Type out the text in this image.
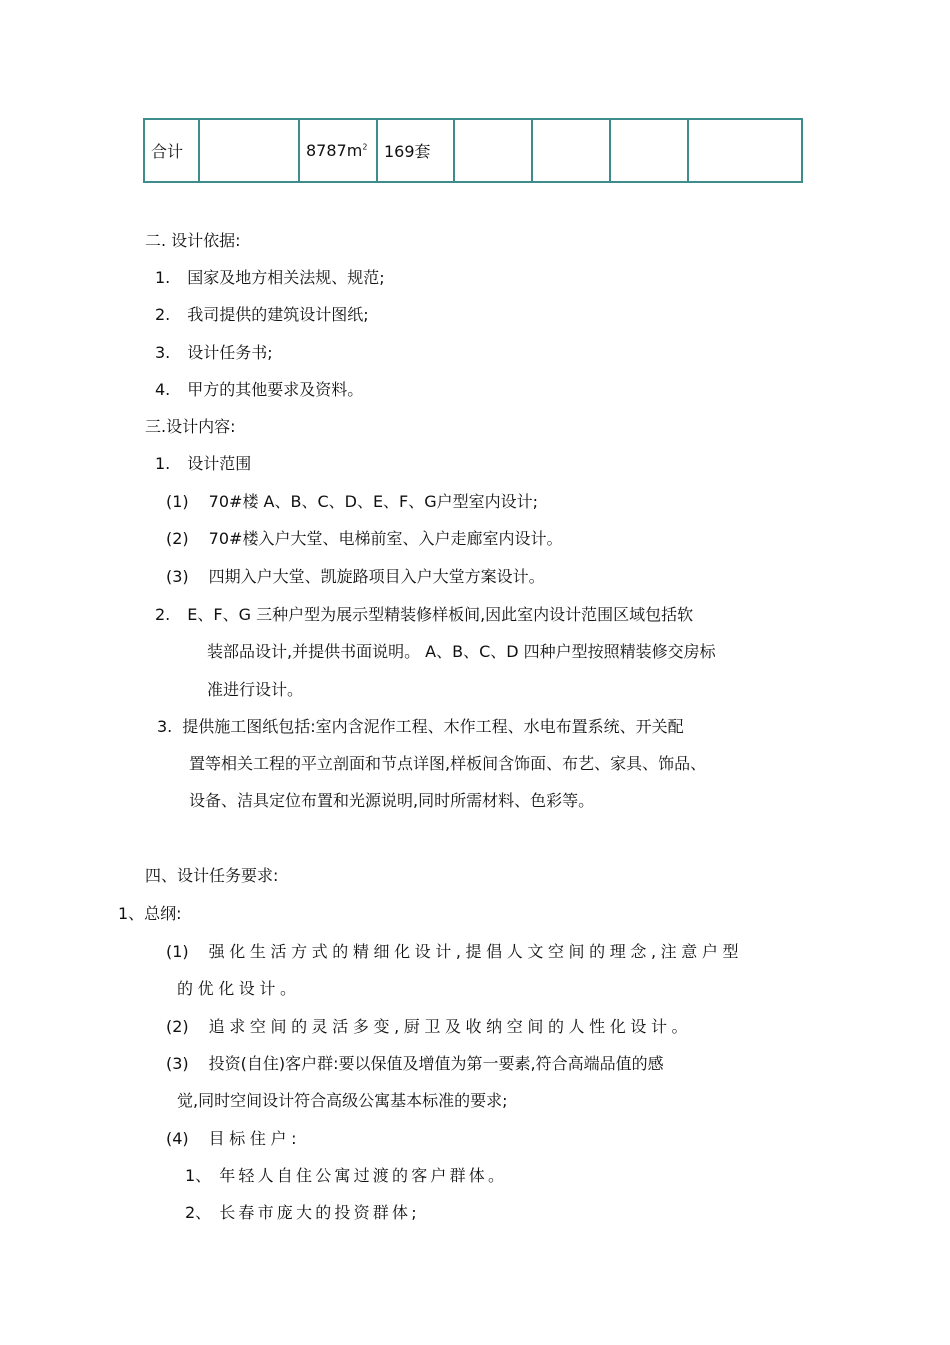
合计		$8787m^2$	169套				
二. 设计依据:
1. 国家及地方相关法规、规范;
2. 我司提供的建筑设计图纸;
3. 设计任务书;
4. 甲方的其他要求及资料。
三.设计内容:
1. 设计范围
(1) 70#楼 A、B、C、D、E、F、G户型室内设计;
(2) 70#楼入户大堂、电梯前室、入户走廊室内设计。
(3) 四期入户大堂、凯旋路项目入户大堂方案设计。
2. E、F、G 三种户型为展示型精装修样板间,因此室内设计范围区域包括软
装部品设计,并提供书面说明。 A、B、C、D 四种户型按照精装修交房标
准进行设计。
3. 提供施工图纸包括:室内含泥作工程、木作工程、水电布置系统、开关配
置等相关工程的平立剖面和节点详图,样板间含饰面、布艺、家具、饰品、
设备、洁具定位布置和光源说明,同时所需材料、色彩等。
四、设计任务要求:
1、总纲:
(1) 强化生活方式的精细化设计,提倡人文空间的理念,注意户型
的优化设计。
(2) 追求空间的灵活多变,厨卫及收纳空间的人性化设计。
(3) 投资(自住)客户群:要以保值及增值为第一要素,符合高端品值的感
觉,同时空间设计符合高级公寓基本标准的要求;
(4) 目标住户:
1、 年轻人自住公寓过渡的客户群体。
2、 长春市庞大的投资群体;
